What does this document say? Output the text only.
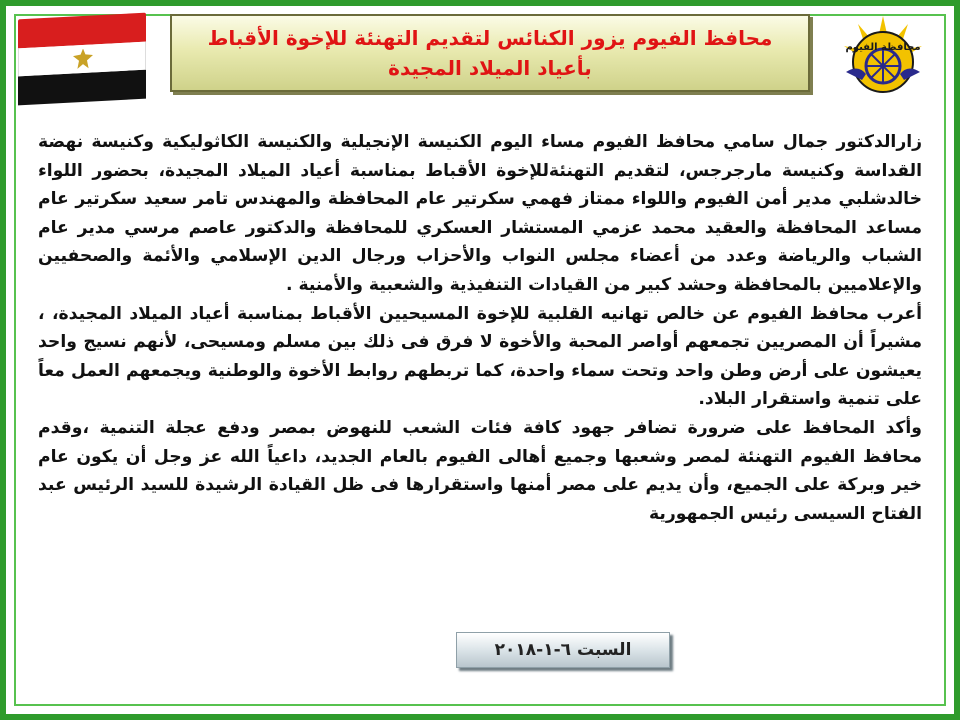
محافظ الفيوم يزور الكنائس لتقديم التهنئة للإخوة الأقباط
بأعياد الميلاد المجيدة
محافظة الفيوم

زارالدكتور جمال سامي محافظ الفيوم مساء اليوم الكنيسة الإنجيلية والكنيسة الكاثوليكية وكنيسة نهضة القداسة وكنيسة مارجرجس، لتقديم التهنئةللإخوة الأقباط بمناسبة أعياد الميلاد المجيدة، بحضور اللواء خالدشلبي مدير أمن الفيوم واللواء ممتاز فهمي سكرتير عام المحافظة والمهندس تامر سعيد سكرتير عام مساعد المحافظة والعقيد محمد عزمي المستشار العسكري للمحافظة والدكتور عاصم مرسي مدير عام الشباب والرياضة وعدد من أعضاء مجلس النواب والأحزاب ورجال الدين الإسلامي والأئمة والصحفيين والإعلاميين بالمحافظة وحشد كبير من القيادات التنفيذية والشعبية والأمنية .

أعرب محافظ الفيوم عن خالص تهانيه القلبية للإخوة المسيحيين الأقباط بمناسبة أعياد الميلاد المجيدة، ، مشيراً أن المصريين تجمعهم أواصر المحبة والأخوة لا فرق فى ذلك بين مسلم ومسيحى، لأنهم نسيج واحد يعيشون على أرض وطن واحد وتحت سماء واحدة، كما تربطهم روابط الأخوة والوطنية ويجمعهم العمل معاً على تنمية واستقرار البلاد.

وأكد المحافظ على ضرورة تضافر جهود كافة فئات الشعب للنهوض بمصر ودفع عجلة التنمية ،وقدم محافظ الفيوم التهنئة لمصر وشعبها وجميع أهالى الفيوم بالعام الجديد، داعياً الله عز وجل أن يكون عام خير وبركة على الجميع، وأن يديم على مصر أمنها واستقرارها فى ظل القيادة الرشيدة للسيد الرئيس عبد الفتاح السيسى رئيس الجمهورية

السبت ٦-١-٢٠١٨
